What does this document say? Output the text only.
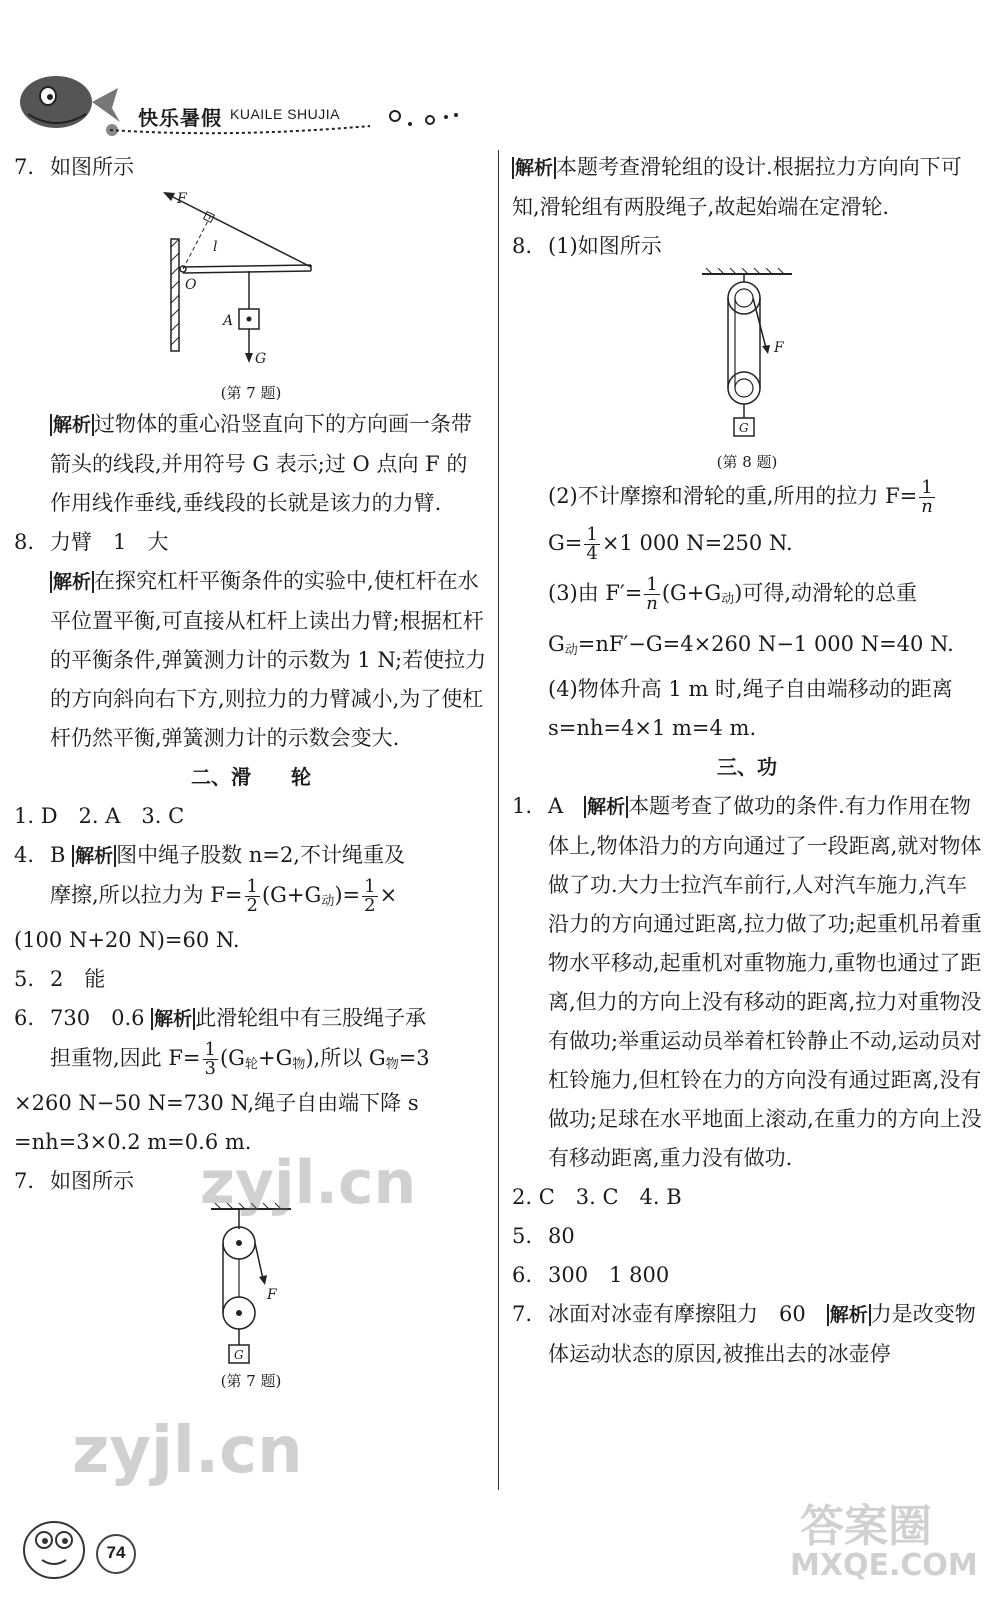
快乐暑假 KUAILE SHUJIA
7. 如图所示
F
l
O
A
G
(第 7 题)
解析 过物体的重心沿竖直向下的方向画一条带箭头的线段,并用符号 G 表示;过 O 点向 F 的作用线作垂线,垂线段的长就是该力的力臂.
8. 力臂　1　大
解析 在探究杠杆平衡条件的实验中,使杠杆在水平位置平衡,可直接从杠杆上读出力臂;根据杠杆的平衡条件,弹簧测力计的示数为 1 N;若使拉力的方向斜向右下方,则拉力的力臂减小,为了使杠杆仍然平衡,弹簧测力计的示数会变大.
二、滑　　轮
1. D　2. A　3. C
4. B 解析 图中绳子股数 n=2,不计绳重及
摩擦,所以拉力为 $F= \frac{1}{2} (G+G_动)= \frac{1}{2}$ ×
(100 N+20 N)=60 N.
5. 2　能
6. 730　0.6 解析 此滑轮组中有三股绳子承
担重物,因此 $F= \frac{1}{3} (G_轮+G_物)$,所以 $G_物=3$
×260 N−50 N=730 N,绳子自由端下降 s
=nh=3×0.2 m=0.6 m.
7. 如图所示
F
G
(第 7 题)
解析 本题考查滑轮组的设计.根据拉力方向向下可知,滑轮组有两股绳子,故起始端在定滑轮.
8. (1)如图所示
F
G
(第 8 题)
(2)不计摩擦和滑轮的重,所用的拉力 $F= \frac{1}{n}$
$G= \frac{1}{4} \times 1$ 000 N=250 N.
(3)由 $F'= \frac{1}{n} (G+G_动)$可得,动滑轮的总重
$G_动=nF'-G=4\times 260$ N−1 000 N=40 N.
(4)物体升高 1 m 时,绳子自由端移动的距离
s=nh=4×1 m=4 m.
三、功
1. A　 解析 本题考查了做功的条件.有力作用在物体上,物体沿力的方向通过了一段距离,就对物体做了功.大力士拉汽车前行,人对汽车施力,汽车沿力的方向通过距离,拉力做了功;起重机吊着重物水平移动,起重机对重物施力,重物也通过了距离,但力的方向上没有移动的距离,拉力对重物没有做功;举重运动员举着杠铃静止不动,运动员对杠铃施力,但杠铃在力的方向没有通过距离,没有做功;足球在水平地面上滚动,在重力的方向上没有移动距离,重力没有做功.
2. C　3. C　4. B
5. 80
6. 300　1 800
7. 冰面对冰壶有摩擦阻力　60　 解析 力是改变物体运动状态的原因,被推出去的冰壶停
zyjl.cn
zyjl.cn
答案圈
MXQE.COM
74
